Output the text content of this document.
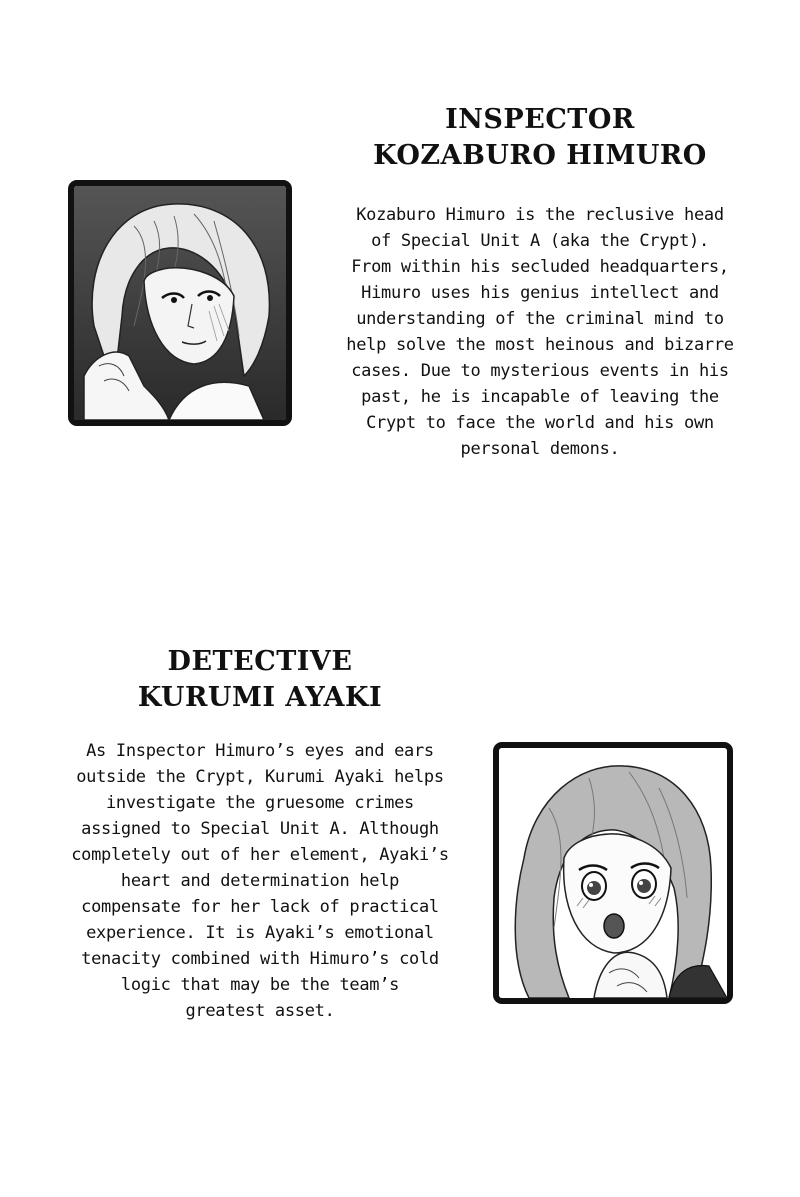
INSPECTOR
KOZABURO HIMURO

Kozaburo Himuro is the reclusive head
of Special Unit A (aka the Crypt).
From within his secluded headquarters,
Himuro uses his genius intellect and
understanding of the criminal mind to
help solve the most heinous and bizarre
cases. Due to mysterious events in his
past, he is incapable of leaving the
Crypt to face the world and his own
personal demons.

DETECTIVE
KURUMI AYAKI

As Inspector Himuro’s eyes and ears
outside the Crypt, Kurumi Ayaki helps
investigate the gruesome crimes
assigned to Special Unit A. Although
completely out of her element, Ayaki’s
heart and determination help
compensate for her lack of practical
experience. It is Ayaki’s emotional
tenacity combined with Himuro’s cold
logic that may be the team’s
greatest asset.
